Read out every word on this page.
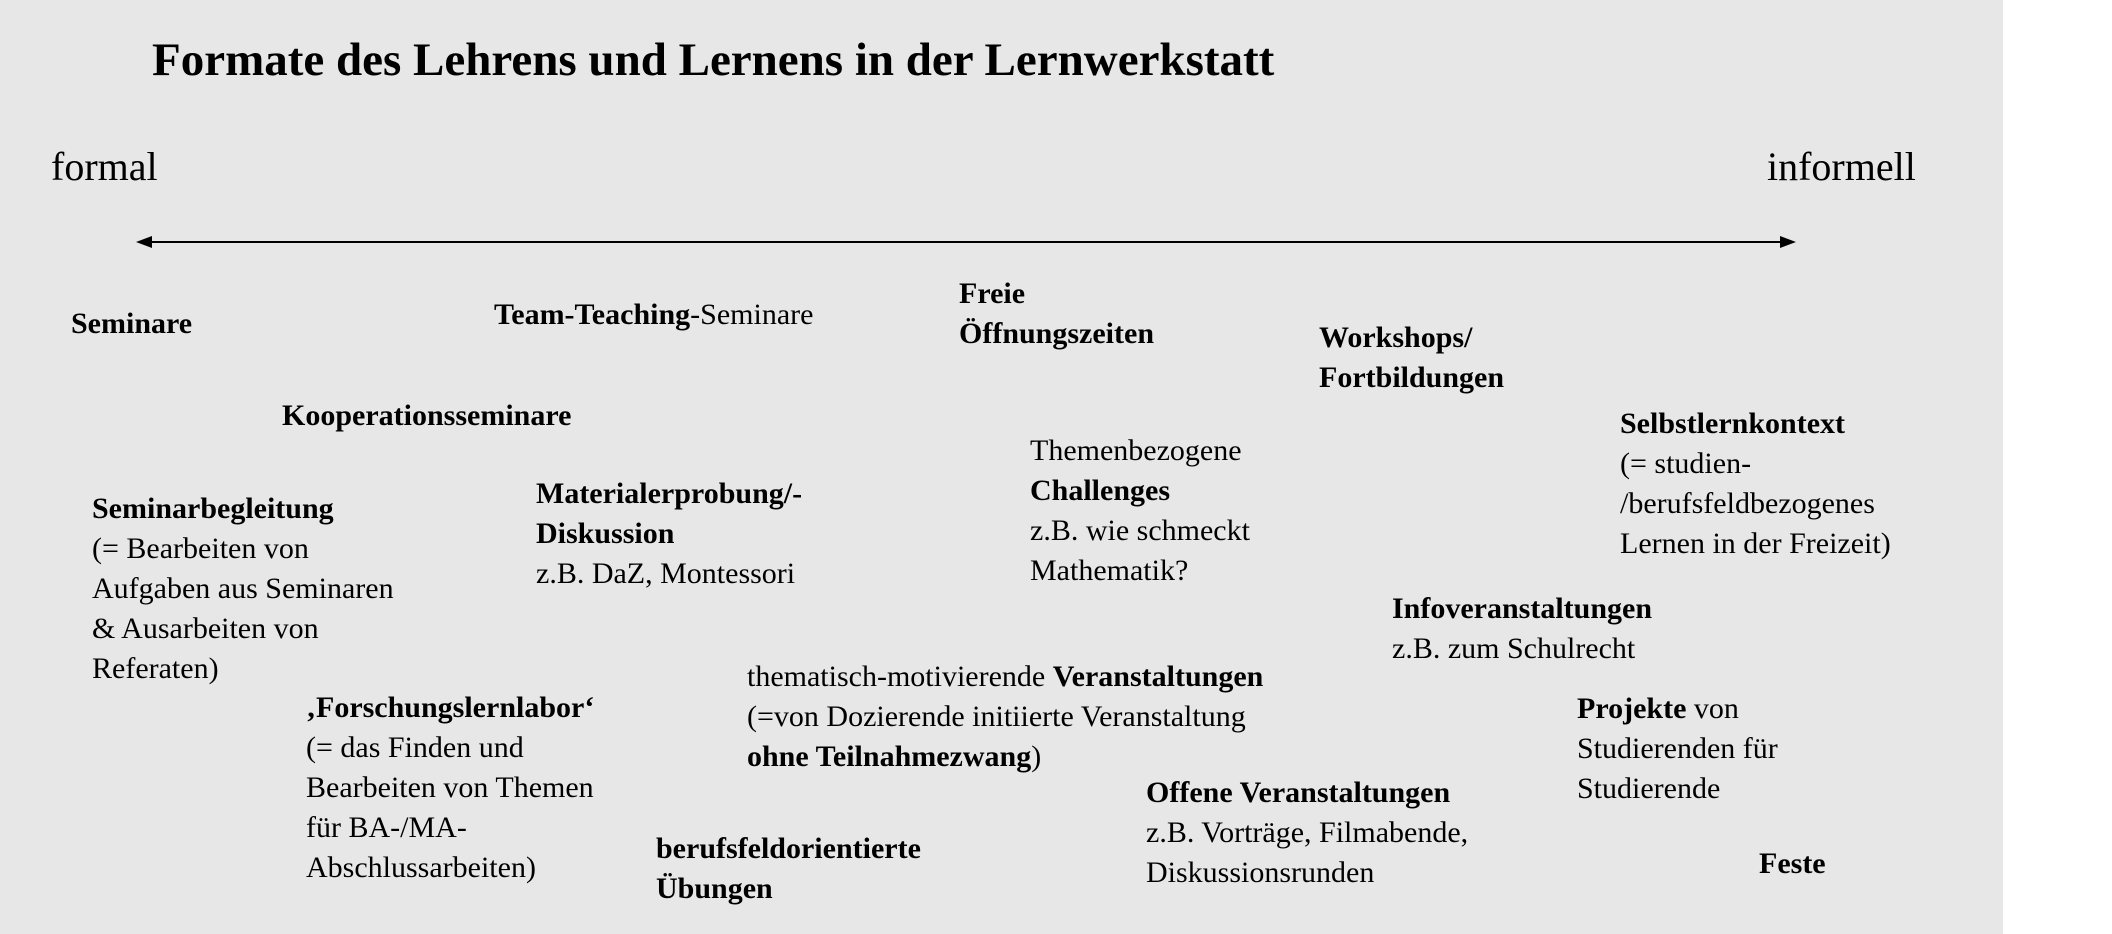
Formate des Lehrens und Lernens in der Lernwerkstatt
formal	informell
Seminare	Team-Teaching-Seminare
Freie
Öffnungszeiten	Workshops/
Fortbildungen
Kooperationsseminare
Themenbezogene
Challenges
z.B. wie schmeckt
Mathematik?
Selbstlernkontext
(= studien-
/berufsfeldbezogenes
Lernen in der Freizeit)
Seminarbegleitung
(= Bearbeiten von
Aufgaben aus Seminaren
& Ausarbeiten von
Referaten)
Materialerprobung/-
Diskussion
z.B. DaZ, Montessori
Infoveranstaltungen
z.B. zum Schulrecht
‚Forschungslernlabor‘
(= das Finden und
Bearbeiten von Themen
für BA-/MA-
Abschlussarbeiten)
thematisch-motivierende Veranstaltungen
(=von Dozierende initiierte Veranstaltung
ohne Teilnahmezwang)
Projekte von
Studierenden für
Studierende
Offene Veranstaltungen
z.B. Vorträge, Filmabende,
Diskussionsrunden
berufsfeldorientierte
Übungen
Feste
